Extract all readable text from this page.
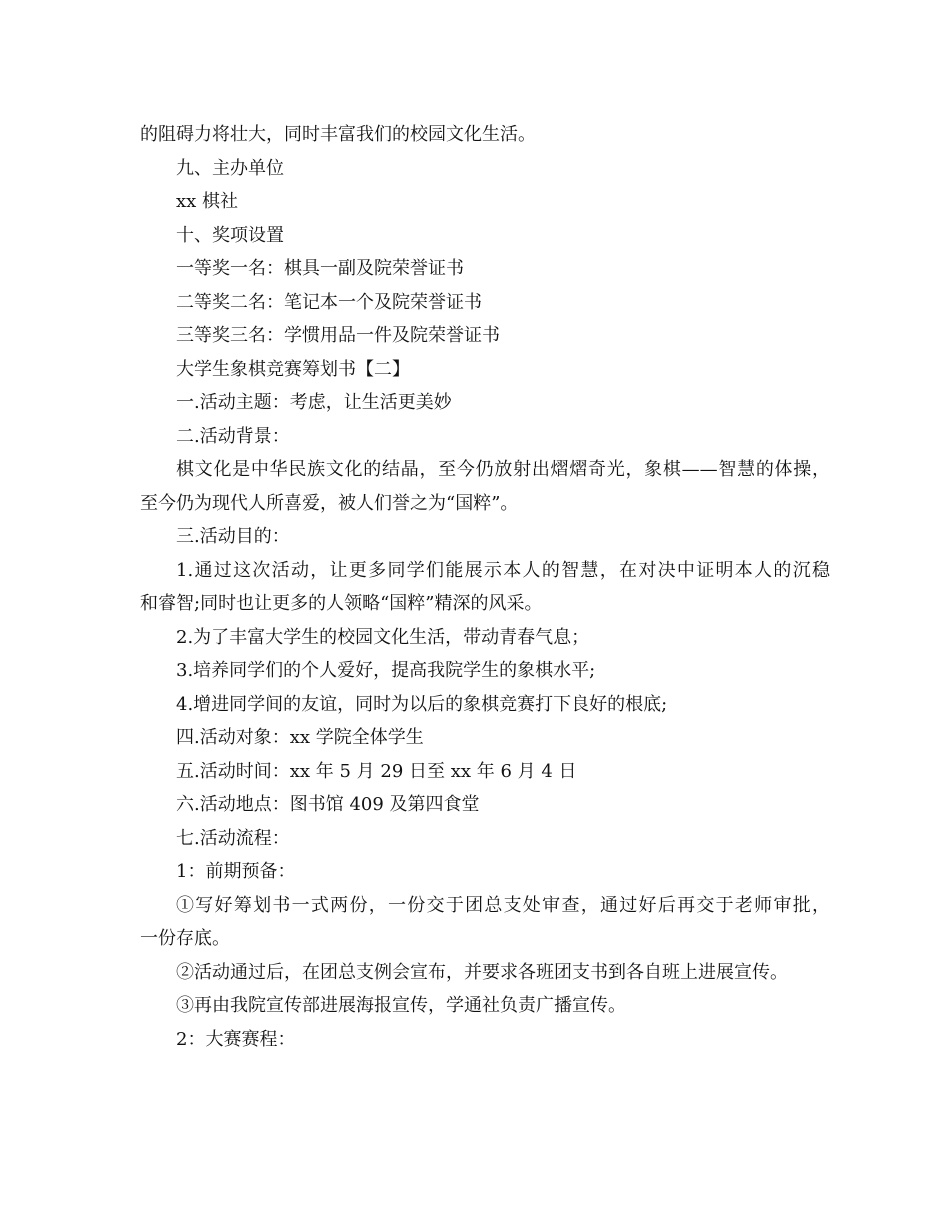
的阻碍力将壮大，同时丰富我们的校园文化生活。
九、主办单位
xx 棋社
十、奖项设置
一等奖一名：棋具一副及院荣誉证书
二等奖二名：笔记本一个及院荣誉证书
三等奖三名：学惯用品一件及院荣誉证书
大学生象棋竞赛筹划书【二】
一.活动主题：考虑，让生活更美妙
二.活动背景：
棋文化是中华民族文化的结晶，至今仍放射出熠熠奇光，象棋——智慧的体操，
至今仍为现代人所喜爱，被人们誉之为“国粹”。
三.活动目的：
1.通过这次活动，让更多同学们能展示本人的智慧，在对决中证明本人的沉稳
和睿智;同时也让更多的人领略“国粹”精深的风采。
2.为了丰富大学生的校园文化生活，带动青春气息；
3.培养同学们的个人爱好，提高我院学生的象棋水平;
4.增进同学间的友谊，同时为以后的象棋竞赛打下良好的根底;
四.活动对象：xx 学院全体学生
五.活动时间：xx 年 5 月 29 日至 xx 年 6 月 4 日
六.活动地点：图书馆 409 及第四食堂
七.活动流程：
1：前期预备：
①写好筹划书一式两份，一份交于团总支处审查，通过好后再交于老师审批，
一份存底。
②活动通过后，在团总支例会宣布，并要求各班团支书到各自班上进展宣传。
③再由我院宣传部进展海报宣传，学通社负责广播宣传。
2：大赛赛程：
